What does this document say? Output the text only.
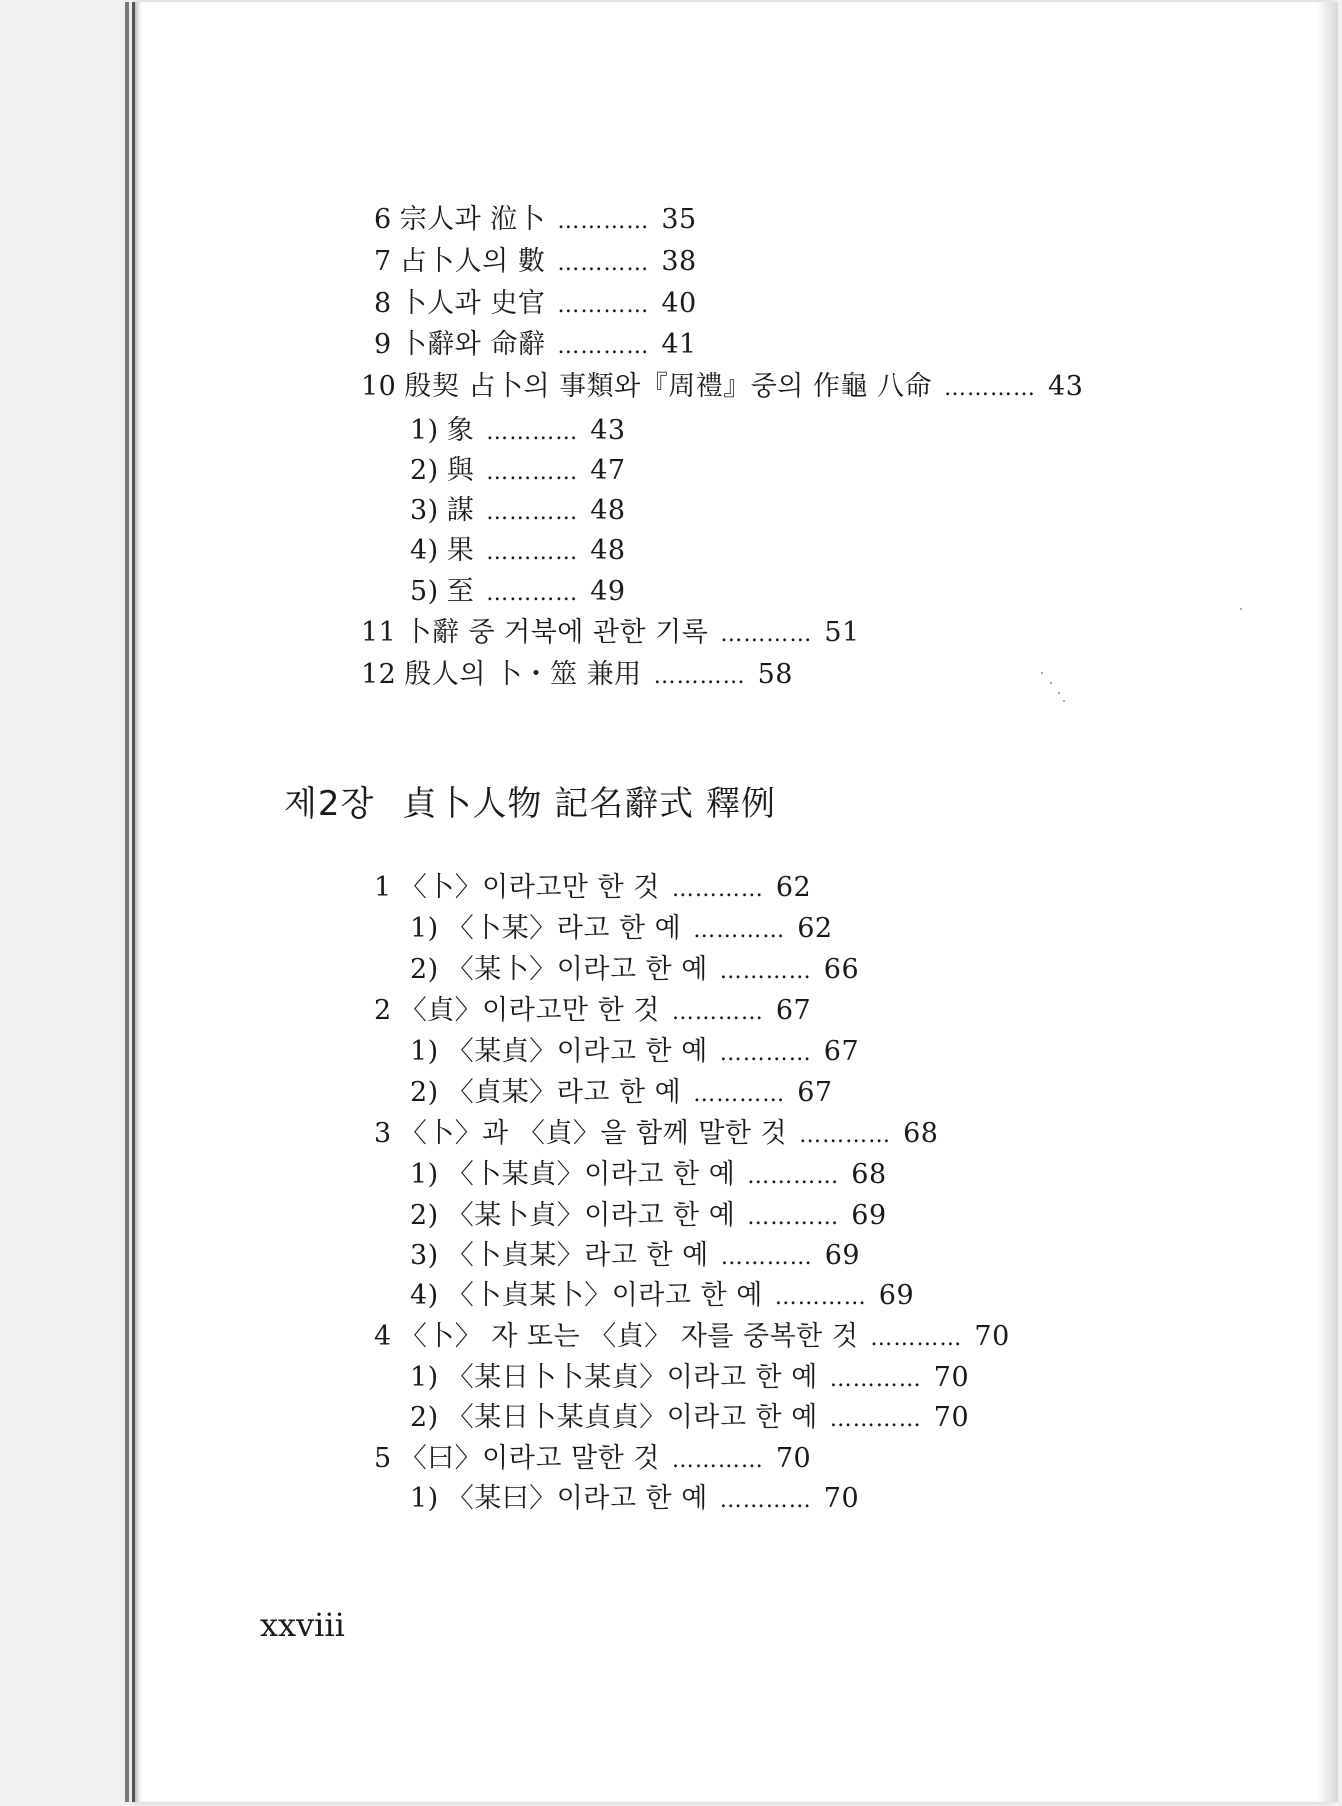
6 宗人과 涖卜 ………… 35
7 占卜人의 數 ………… 38
8 卜人과 史官 ………… 40
9 卜辭와 命辭 ………… 41
10 殷契 占卜의 事類와『周禮』중의 作龜 八命 ………… 43
1) 象 ………… 43
2) 與 ………… 47
3) 謀 ………… 48
4) 果 ………… 48
5) 至 ………… 49
11 卜辭 중 거북에 관한 기록 ………… 51
12 殷人의 卜・筮 兼用 ………… 58
제2장 貞卜人物 記名辭式 釋例
1 〈卜〉이라고만 한 것 ………… 62
1) 〈卜某〉라고 한 예 ………… 62
2) 〈某卜〉이라고 한 예 ………… 66
2 〈貞〉이라고만 한 것 ………… 67
1) 〈某貞〉이라고 한 예 ………… 67
2) 〈貞某〉라고 한 예 ………… 67
3 〈卜〉과 〈貞〉을 함께 말한 것 ………… 68
1) 〈卜某貞〉이라고 한 예 ………… 68
2) 〈某卜貞〉이라고 한 예 ………… 69
3) 〈卜貞某〉라고 한 예 ………… 69
4) 〈卜貞某卜〉이라고 한 예 ………… 69
4 〈卜〉 자 또는 〈貞〉 자를 중복한 것 ………… 70
1) 〈某日卜卜某貞〉이라고 한 예 ………… 70
2) 〈某日卜某貞貞〉이라고 한 예 ………… 70
5 〈曰〉이라고 말한 것 ………… 70
1) 〈某曰〉이라고 한 예 ………… 70
xxviii
